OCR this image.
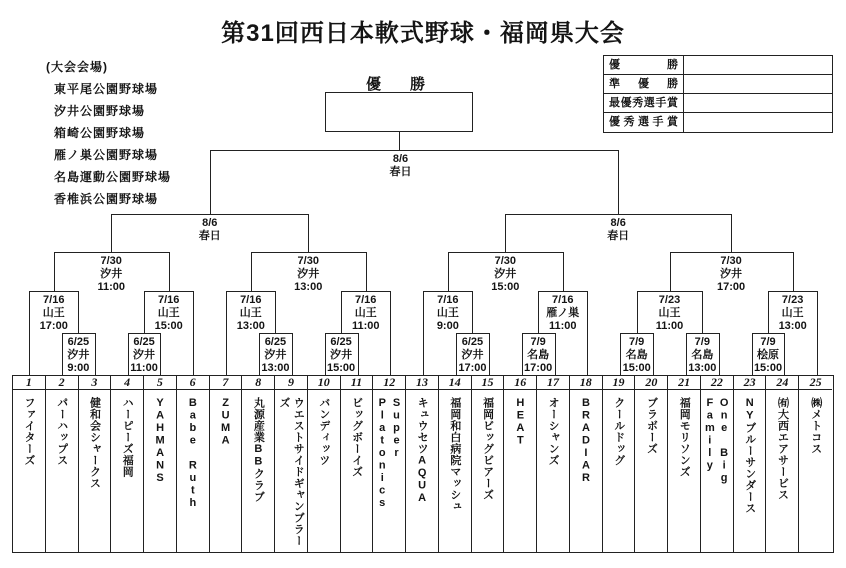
第31回西日本軟式野球・福岡県大会
(大会会場)
東平尾公園野球場
汐井公園野球場
箱崎公園野球場
雁ノ巣公園野球場
名島運動公園野球場
香椎浜公園野球場
優勝
準優勝
最優秀選手賞
優秀選手賞
優　勝
6/25
汐井
9:00
6/25
汐井
11:00
6/25
汐井
13:00
6/25
汐井
15:00
6/25
汐井
17:00
7/9
名島
17:00
7/9
名島
15:00
7/9
名島
13:00
7/9
桧原
15:00
7/16
山王
17:00
7/16
山王
15:00
7/16
山王
13:00
7/16
山王
11:00
7/16
山王
9:00
7/16
雁ノ巣
11:00
7/23
山王
11:00
7/23
山王
13:00
7/30
汐井
11:00
7/30
汐井
13:00
7/30
汐井
15:00
7/30
汐井
17:00
8/6
春日
8/6
春日
8/6
春日
1
ファイターズ
2
パーハップス
3
健和会シャークス
4
ハーピーズ福岡
5
YAHMANS
6
Babe Ruth
7
ZUMA
8
丸源産業BBクラブ
9
ウエストサイドギャンブラーズ
10
バンディッツ
11
ビッグボーイズ
12
Super Platonics
13
キュウセツAQUA
14
福岡和白病院マッシュ
15
福岡ビッグビアーズ
16
HEAT
17
オーシャンズ
18
BRADIAR
19
クールドッグ
20
ブラボーズ
21
福岡モリソンズ
22
One Big Family
23
NYブルーサンダース
24
㈲大西エアサービス
25
㈱メトコス
